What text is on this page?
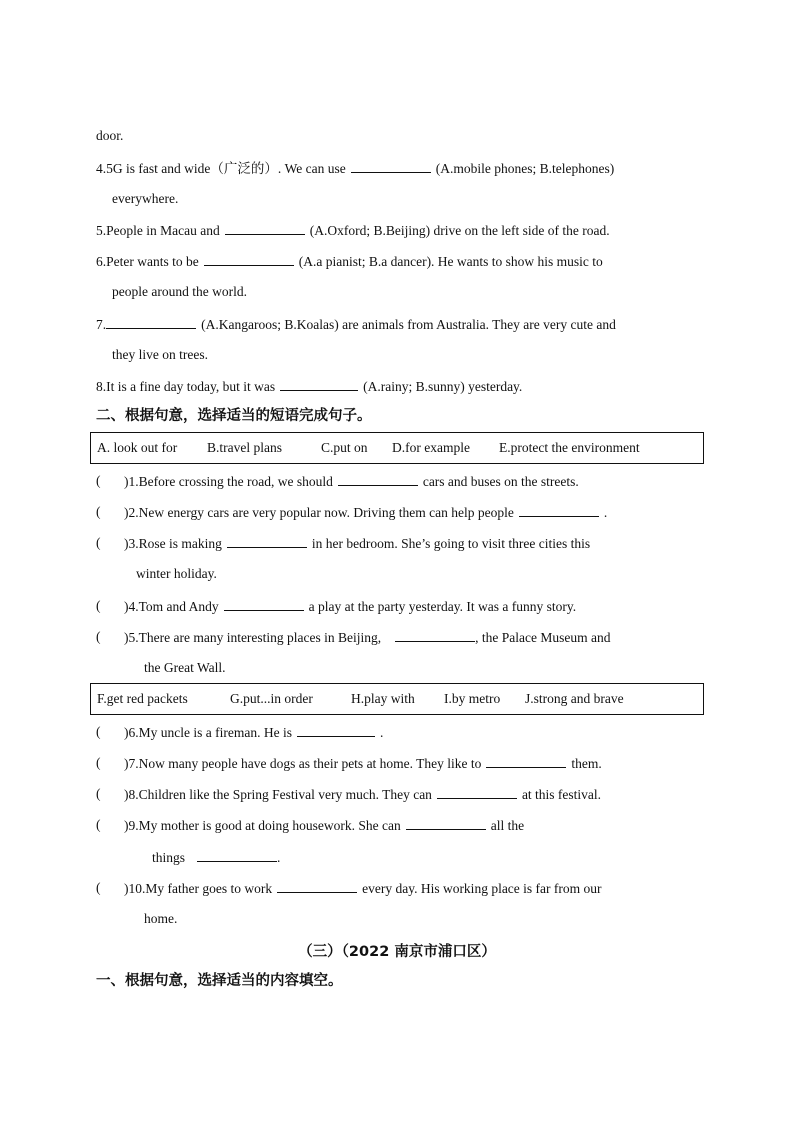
door.
4.5G is fast and wide（广泛的）. We can use	(A.mobile phones; B.telephones)
everywhere.
5.People in Macau and	(A.Oxford; B.Beijing) drive on the left side of the road.
6.Peter wants to be	(A.a pianist; B.a dancer). He wants to show his music to
people around the world.
7.	(A.Kangaroos; B.Koalas) are animals from Australia. They are very cute and
they live on trees.
8.It is a fine day today, but it was	(A.rainy; B.sunny) yesterday.
二、根据句意，选择适当的短语完成句子。
A. look out for B.travel plans	C.put on D.for example E.protect the environment
( )1.Before crossing the road, we should	cars and buses on the streets.
( )2.New energy cars are very popular now. Driving them can help people	.
( )3.Rose is making	in her bedroom. She’s going to visit three cities this
winter holiday.
( )4.Tom and Andy	a play at the party yesterday. It was a funny story.
( )5.There are many interesting places in Beijing,	, the Palace Museum and
the Great Wall.
F.get red packets	G.put...in order	H.play with I.by metro J.strong and brave
( )6.My uncle is a fireman. He is	.
( )7.Now many people have dogs as their pets at home. They like to	them.
( )8.Children like the Spring Festival very much. They can	at this festival.
( )9.My mother is good at doing housework. She can	all the
things	.
( )10.My father goes to work	every day. His working place is far from our
home.
（三）（2022 南京市浦口区）
一、根据句意，选择适当的内容填空。
